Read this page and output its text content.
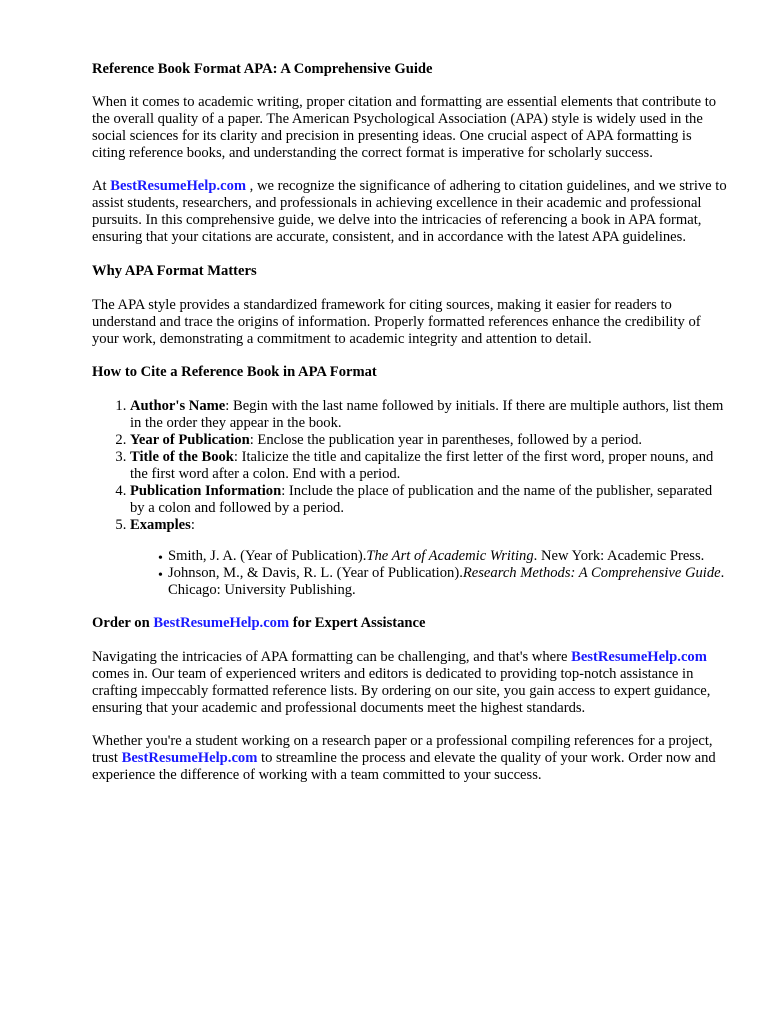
Reference Book Format APA: A Comprehensive Guide

When it comes to academic writing, proper citation and formatting are essential elements that contribute to the overall quality of a paper. The American Psychological Association (APA) style is widely used in the social sciences for its clarity and precision in presenting ideas. One crucial aspect of APA formatting is citing reference books, and understanding the correct format is imperative for scholarly success.

At BestResumeHelp.com , we recognize the significance of adhering to citation guidelines, and we strive to assist students, researchers, and professionals in achieving excellence in their academic and professional pursuits. In this comprehensive guide, we delve into the intricacies of referencing a book in APA format, ensuring that your citations are accurate, consistent, and in accordance with the latest APA guidelines.

Why APA Format Matters

The APA style provides a standardized framework for citing sources, making it easier for readers to understand and trace the origins of information. Properly formatted references enhance the credibility of your work, demonstrating a commitment to academic integrity and attention to detail.

How to Cite a Reference Book in APA Format
1. Author's Name: Begin with the last name followed by initials. If there are multiple authors, list them in the order they appear in the book.
2. Year of Publication: Enclose the publication year in parentheses, followed by a period.
3. Title of the Book: Italicize the title and capitalize the first letter of the first word, proper nouns, and the first word after a colon. End with a period.
4. Publication Information: Include the place of publication and the name of the publisher, separated by a colon and followed by a period.
5. Examples:
• Smith, J. A. (Year of Publication).The Art of Academic Writing. New York: Academic Press.
• Johnson, M., & Davis, R. L. (Year of Publication).Research Methods: A Comprehensive Guide. Chicago: University Publishing.
Order on BestResumeHelp.com for Expert Assistance

Navigating the intricacies of APA formatting can be challenging, and that's where BestResumeHelp.com comes in. Our team of experienced writers and editors is dedicated to providing top-notch assistance in crafting impeccably formatted reference lists. By ordering on our site, you gain access to expert guidance, ensuring that your academic and professional documents meet the highest standards.

Whether you're a student working on a research paper or a professional compiling references for a project, trust BestResumeHelp.com to streamline the process and elevate the quality of your work. Order now and experience the difference of working with a team committed to your success.
